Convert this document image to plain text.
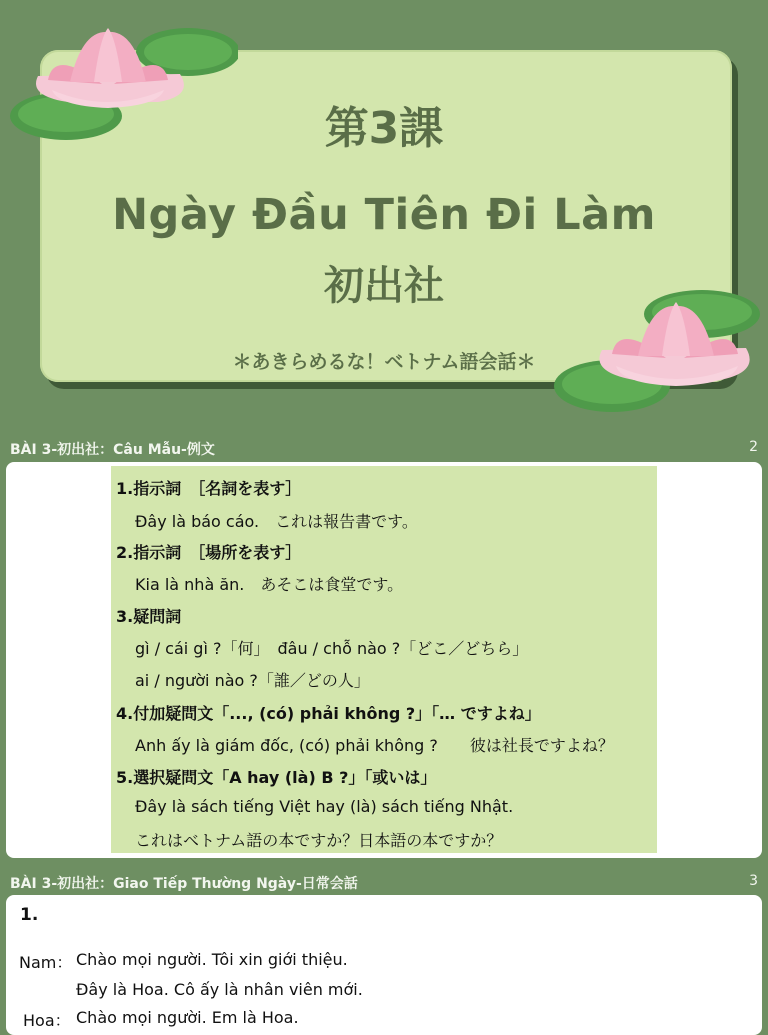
第3課
Ngày Đầu Tiên Đi Làm
初出社
＊あきらめるな！ベトナム語会話＊
BÀI 3-初出社：Câu Mẫu-例文	2
1.指示詞　［名詞を表す］
Đây là báo cáo.　これは報告書です。
2.指示詞　［場所を表す］
Kia là nhà ăn.　あそこは食堂です。
3.疑問詞
gì / cái gì ?「何」　đâu / chỗ nào ?「どこ／どちら」
ai / người nào ?「誰／どの人」
4.付加疑問文「..., (có) phải không ?」「… ですよね」
Anh ấy là giám đốc, (có) phải không ?　　彼は社長ですよね？
5.選択疑問文「A hay (là) B ?」「或いは」
Đây là sách tiếng Việt hay (là) sách tiếng Nhật.
これはベトナム語の本ですか？日本語の本ですか？
BÀI 3-初出社：Giao Tiếp Thường Ngày-日常会話	3
1.
Nam： Chào mọi người. Tôi xin giới thiệu.
Đây là Hoa. Cô ấy là nhân viên mới.
Hoa： Chào mọi người. Em là Hoa.
